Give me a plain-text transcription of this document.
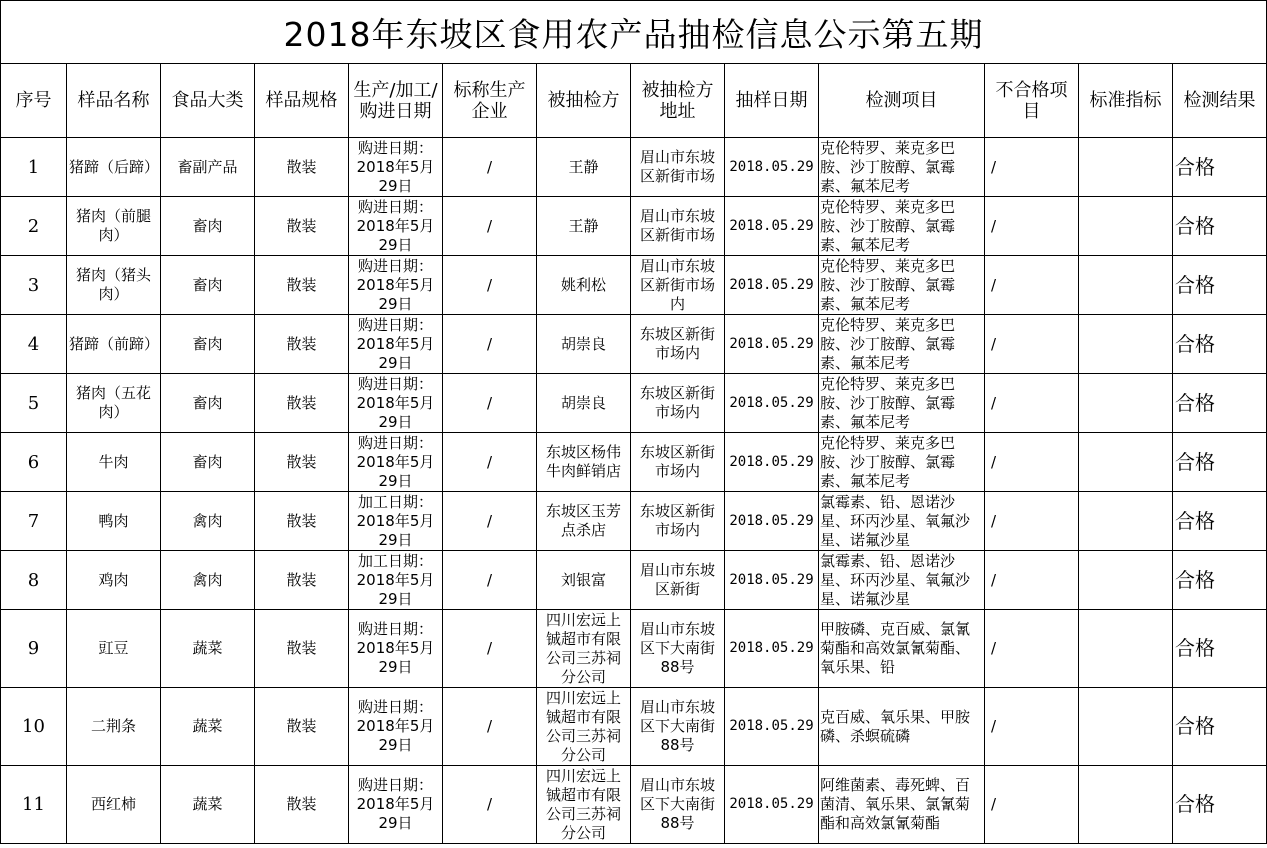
2018年东坡区食用农产品抽检信息公示第五期
序号	样品名称	食品大类	样品规格	生产/加工/购进日期	标称生产企业	被抽检方	被抽检方地址	抽样日期	检测项目	不合格项目	标准指标	检测结果
1	猪蹄（后蹄）	畜副产品	散装	购进日期：2018年5月29日	/	王静	眉山市东坡区新街市场	2018.05.29	克伦特罗、莱克多巴胺、沙丁胺醇、氯霉素、氟苯尼考	/		合格
2	猪肉（前腿肉）	畜肉	散装	购进日期：2018年5月29日	/	王静	眉山市东坡区新街市场	2018.05.29	克伦特罗、莱克多巴胺、沙丁胺醇、氯霉素、氟苯尼考	/		合格
3	猪肉（猪头肉）	畜肉	散装	购进日期：2018年5月29日	/	姚利松	眉山市东坡区新街市场内	2018.05.29	克伦特罗、莱克多巴胺、沙丁胺醇、氯霉素、氟苯尼考	/		合格
4	猪蹄（前蹄）	畜肉	散装	购进日期：2018年5月29日	/	胡崇良	东坡区新街市场内	2018.05.29	克伦特罗、莱克多巴胺、沙丁胺醇、氯霉素、氟苯尼考	/		合格
5	猪肉（五花肉）	畜肉	散装	购进日期：2018年5月29日	/	胡崇良	东坡区新街市场内	2018.05.29	克伦特罗、莱克多巴胺、沙丁胺醇、氯霉素、氟苯尼考	/		合格
6	牛肉	畜肉	散装	购进日期：2018年5月29日	/	东坡区杨伟牛肉鲜销店	东坡区新街市场内	2018.05.29	克伦特罗、莱克多巴胺、沙丁胺醇、氯霉素、氟苯尼考	/		合格
7	鸭肉	禽肉	散装	加工日期：2018年5月29日	/	东坡区玉芳点杀店	东坡区新街市场内	2018.05.29	氯霉素、铅、恩诺沙星、环丙沙星、氧氟沙星、诺氟沙星	/		合格
8	鸡肉	禽肉	散装	加工日期：2018年5月29日	/	刘银富	眉山市东坡区新街	2018.05.29	氯霉素、铅、恩诺沙星、环丙沙星、氧氟沙星、诺氟沙星	/		合格
9	豇豆	蔬菜	散装	购进日期：2018年5月29日	/	四川宏远上铖超市有限公司三苏祠分公司	眉山市东坡区下大南街88号	2018.05.29	甲胺磷、克百威、氯氰菊酯和高效氯氰菊酯、氧乐果、铅	/		合格
10	二荆条	蔬菜	散装	购进日期：2018年5月29日	/	四川宏远上铖超市有限公司三苏祠分公司	眉山市东坡区下大南街88号	2018.05.29	克百威、氧乐果、甲胺磷、杀螟硫磷	/		合格
11	西红柿	蔬菜	散装	购进日期：2018年5月29日	/	四川宏远上铖超市有限公司三苏祠分公司	眉山市东坡区下大南街88号	2018.05.29	阿维菌素、毒死蜱、百菌清、氧乐果、氯氰菊酯和高效氯氰菊酯	/		合格
